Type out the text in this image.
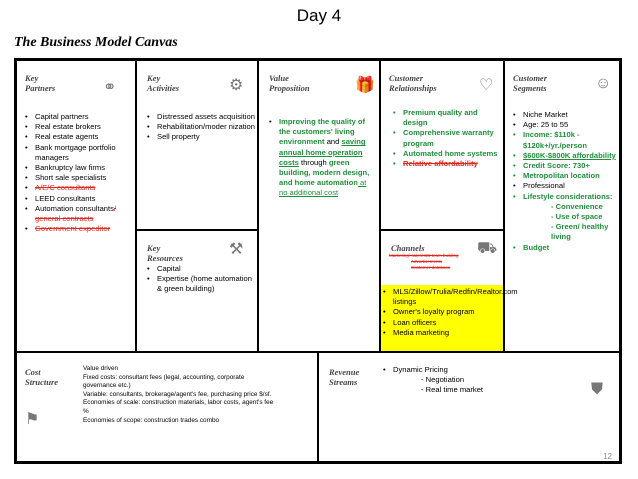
Day 4
The Business Model Canvas
Key
Partners	⚭
• Capital partners
• Real estate brokers
• Real estate agents
• Bank mortgage portfolio managers
• Bankruptcy law firms
• Short sale specialists
• A/E/C consultants
• LEED consultants
• Automation consultants/ general contracts
• Government expeditor
Key
Activities	⚙
• Distressed assets acquisition
• Rehabilitation/moder nization
• Sell property
Key
Resources	⚒
• Capital
• Expertise (home automation & green building)
Value
Proposition	🎁
• Improving the quality of the customers' living environment and saving annual home operation costs through green building, modern design, and home automation at no additional cost
Customer
Relationships	♡
• Premium quality and design
• Comprehensive warranty program
• Automated home systems
• Relative affordability
Channels	⛟
Marketing/ sales/ BD team building
Advertisements
Customer database
• MLS/Zillow/Trulia/Redfin/Realtor.com listings
• Owner's loyalty program
• Loan officers
• Media marketing
Customer
Segments	☺
• Niche Market
• Age: 25 to 55
• Income: $110k - $120k+/yr./person
• $600K-$800K affordability
• Credit Score: 730+
• Metropolitan location
• Professional
• Lifestyle considerations:
- Convenience
- Use of space
- Green/ healthy living
• Budget
Cost
Structure
⚑
Value driven
Fixed costs: consultant fees (legal, accounting, corporate governance etc.)
Variable: consultants, brokerage/agent's fee, purchasing price $/sf.
Economies of scale: construction materials, labor costs, agent's fee %
Economies of scope: construction trades combo
Revenue
Streams	⛊
• Dynamic Pricing
- Negotiation
- Real time market
12
